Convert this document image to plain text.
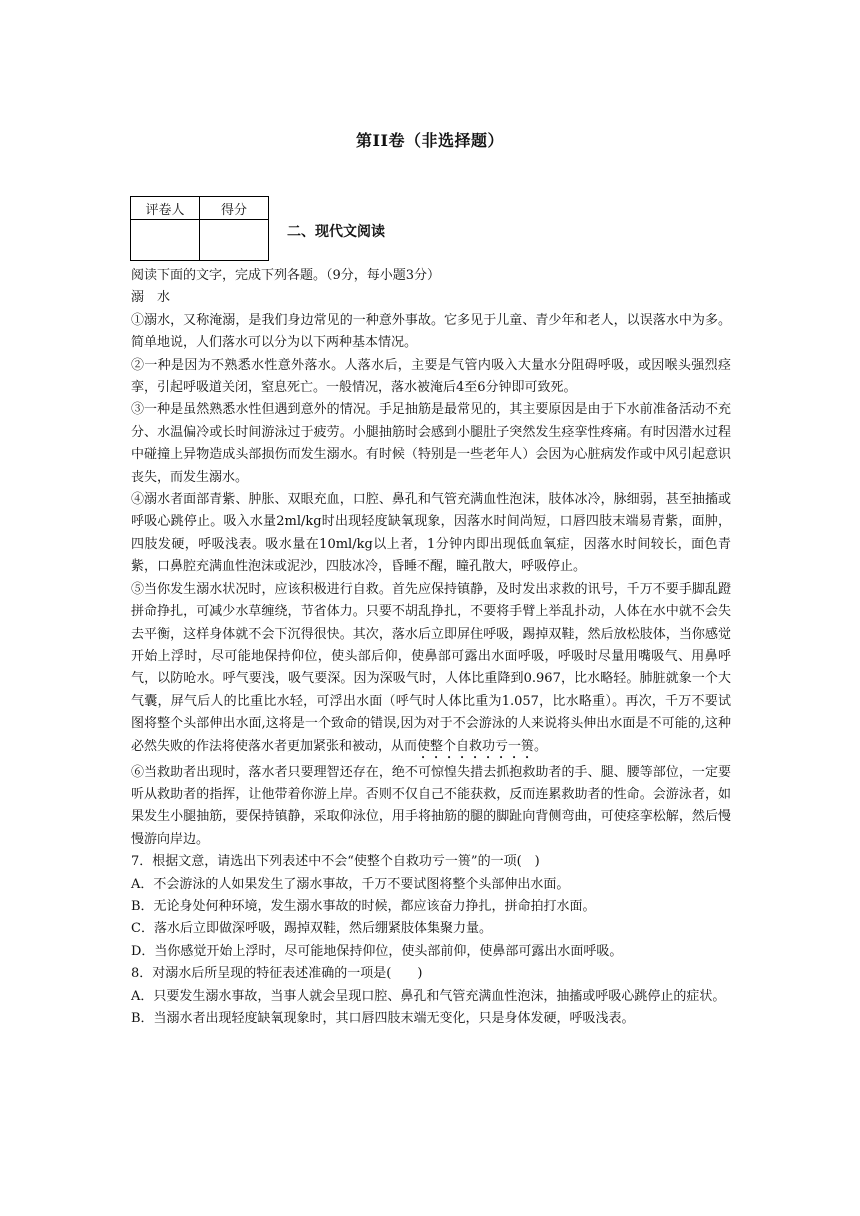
第II卷（非选择题）
评卷人	得分

二、现代文阅读

阅读下面的文字，完成下列各题。（9分，每小题3分）

溺　水

①溺水，又称淹溺，是我们身边常见的一种意外事故。它多见于儿童、青少年和老人，以误落水中为多。简单地说，人们落水可以分为以下两种基本情况。

②一种是因为不熟悉水性意外落水。人落水后，主要是气管内吸入大量水分阻碍呼吸，或因喉头强烈痉挛，引起呼吸道关闭，窒息死亡。一般情况，落水被淹后4至6分钟即可致死。

③一种是虽然熟悉水性但遇到意外的情况。手足抽筋是最常见的，其主要原因是由于下水前准备活动不充分、水温偏冷或长时间游泳过于疲劳。小腿抽筋时会感到小腿肚子突然发生痉挛性疼痛。有时因潜水过程中碰撞上异物造成头部损伤而发生溺水。有时候（特别是一些老年人）会因为心脏病发作或中风引起意识丧失，而发生溺水。

④溺水者面部青紫、肿胀、双眼充血，口腔、鼻孔和气管充满血性泡沫，肢体冰冷，脉细弱，甚至抽搐或呼吸心跳停止。吸入水量2ml/kg时出现轻度缺氧现象，因落水时间尚短，口唇四肢末端易青紫，面肿，四肢发硬，呼吸浅表。吸水量在10ml/kg以上者，1分钟内即出现低血氧症，因落水时间较长，面色青紫，口鼻腔充满血性泡沫或泥沙，四肢冰冷，昏睡不醒，瞳孔散大，呼吸停止。

⑤当你发生溺水状况时，应该积极进行自救。首先应保持镇静，及时发出求救的讯号，千万不要手脚乱蹬拼命挣扎，可减少水草缠绕，节省体力。只要不胡乱挣扎，不要将手臂上举乱扑动，人体在水中就不会失去平衡，这样身体就不会下沉得很快。其次，落水后立即屏住呼吸，踢掉双鞋，然后放松肢体，当你感觉开始上浮时，尽可能地保持仰位，使头部后仰，使鼻部可露出水面呼吸，呼吸时尽量用嘴吸气、用鼻呼气，以防呛水。呼气要浅，吸气要深。因为深吸气时，人体比重降到0.967，比水略轻。肺脏就象一个大气囊，屏气后人的比重比水轻，可浮出水面（呼气时人体比重为1.057，比水略重）。再次，千万不要试图将整个头部伸出水面,这将是一个致命的错误,因为对于不会游泳的人来说将头伸出水面是不可能的,这种必然失败的作法将使落水者更加紧张和被动，从而使整个自救功亏一篑。

⑥当救助者出现时，落水者只要理智还存在，绝不可惊惶失措去抓抱救助者的手、腿、腰等部位，一定要听从救助者的指挥，让他带着你游上岸。否则不仅自己不能获救，反而连累救助者的性命。会游泳者，如果发生小腿抽筋，要保持镇静，采取仰泳位，用手将抽筋的腿的脚趾向背侧弯曲，可使痉挛松解，然后慢慢游向岸边。

7．根据文意，请选出下列表述中不会“使整个自救功亏一篑”的一项(　)

A．不会游泳的人如果发生了溺水事故，千万不要试图将整个头部伸出水面。

B．无论身处何种环境，发生溺水事故的时候，都应该奋力挣扎，拼命拍打水面。

C．落水后立即做深呼吸，踢掉双鞋，然后绷紧肢体集聚力量。

D．当你感觉开始上浮时，尽可能地保持仰位，使头部前仰，使鼻部可露出水面呼吸。

8．对溺水后所呈现的特征表述准确的一项是(　　)

A．只要发生溺水事故，当事人就会呈现口腔、鼻孔和气管充满血性泡沫，抽搐或呼吸心跳停止的症状。

B．当溺水者出现轻度缺氧现象时，其口唇四肢末端无变化，只是身体发硬，呼吸浅表。
